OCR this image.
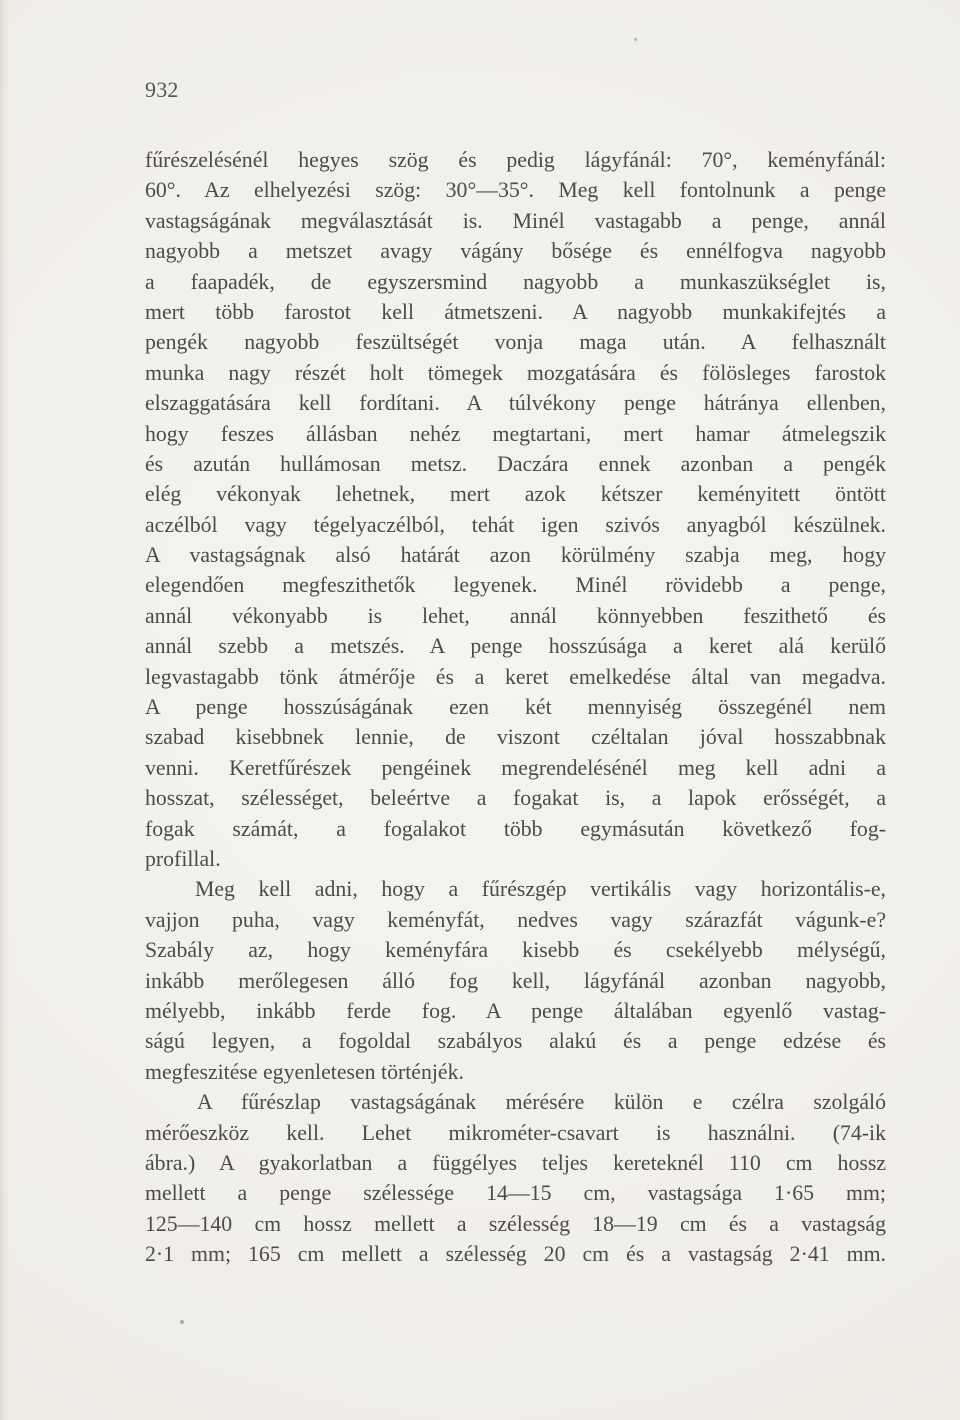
932
fűrészelésénél hegyes szög és pedig lágyfánál: 70°, keményfánál:
60°. Az elhelyezési szög: 30°—35°. Meg kell fontolnunk a penge
vastagságának megválasztását is. Minél vastagabb a penge, annál
nagyobb a metszet avagy vágány bősége és ennélfogva nagyobb
a faapadék, de egyszersmind nagyobb a munkaszükséglet is,
mert több farostot kell átmetszeni. A nagyobb munkakifejtés a
pengék nagyobb feszültségét vonja maga után. A felhasznált
munka nagy részét holt tömegek mozgatására és fölösleges farostok
elszaggatására kell fordítani. A túlvékony penge hátránya ellenben,
hogy feszes állásban nehéz megtartani, mert hamar átmelegszik
és azután hullámosan metsz. Daczára ennek azonban a pengék
elég vékonyak lehetnek, mert azok kétszer keményitett öntött
aczélból vagy tégelyaczélból, tehát igen szivós anyagból készülnek.
A vastagságnak alsó határát azon körülmény szabja meg, hogy
elegendően megfeszithetők legyenek. Minél rövidebb a penge,
annál vékonyabb is lehet, annál könnyebben feszithető és
annál szebb a metszés. A penge hosszúsága a keret alá kerülő
legvastagabb tönk átmérője és a keret emelkedése által van megadva.
A penge hosszúságának ezen két mennyiség összegénél nem
szabad kisebbnek lennie, de viszont czéltalan jóval hosszabbnak
venni. Keretfűrészek pengéinek megrendelésénél meg kell adni a
hosszat, szélességet, beleértve a fogakat is, a lapok erősségét, a
fogak számát, a fogalakot több egymásután következő fog-
profillal.
Meg kell adni, hogy a fűrészgép vertikális vagy horizontális-e,
vajjon puha, vagy keményfát, nedves vagy szárazfát vágunk-e?
Szabály az, hogy keményfára kisebb és csekélyebb mélységű,
inkább merőlegesen álló fog kell, lágyfánál azonban nagyobb,
mélyebb, inkább ferde fog. A penge általában egyenlő vastag-
ságú legyen, a fogoldal szabályos alakú és a penge edzése és
megfeszitése egyenletesen történjék.
A fűrészlap vastagságának mérésére külön e czélra szolgáló
mérőeszköz kell. Lehet mikrométer-csavart is használni. (74-ik
ábra.) A gyakorlatban a függélyes teljes kereteknél 110 cm hossz
mellett a penge szélessége 14—15 cm, vastagsága 1·65 mm;
125—140 cm hossz mellett a szélesség 18—19 cm és a vastagság
2·1 mm; 165 cm mellett a szélesség 20 cm és a vastagság 2·41 mm.
